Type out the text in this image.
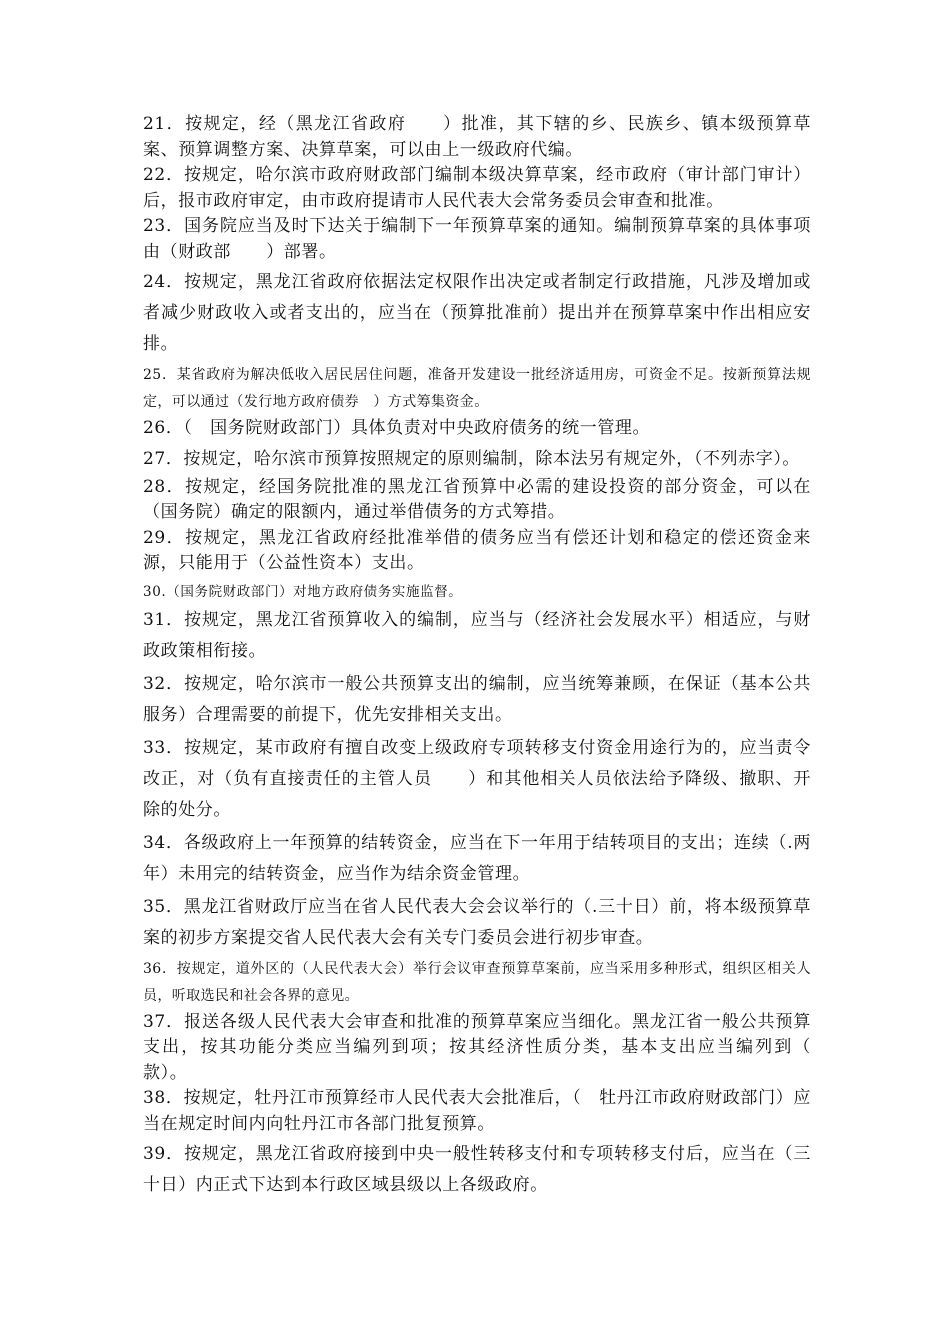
21．按规定，经（黑龙江省政府　　）批准，其下辖的乡、民族乡、镇本级预算草案、预算调整方案、决算草案，可以由上一级政府代编。

22．按规定，哈尔滨市政府财政部门编制本级决算草案，经市政府（审计部门审计）后，报市政府审定，由市政府提请市人民代表大会常务委员会审查和批准。

23．国务院应当及时下达关于编制下一年预算草案的通知。编制预算草案的具体事项由（财政部　　）部署。

24．按规定，黑龙江省政府依据法定权限作出决定或者制定行政措施，凡涉及增加或者减少财政收入或者支出的，应当在（预算批准前）提出并在预算草案中作出相应安排。

25．某省政府为解决低收入居民居住问题，准备开发建设一批经济适用房，可资金不足。按新预算法规定，可以通过（发行地方政府债券　）方式筹集资金。

26．（　国务院财政部门）具体负责对中央政府债务的统一管理。

27．按规定，哈尔滨市预算按照规定的原则编制，除本法另有规定外，（不列赤字）。

28．按规定，经国务院批准的黑龙江省预算中必需的建设投资的部分资金，可以在（国务院）确定的限额内，通过举借债务的方式筹措。

29．按规定，黑龙江省政府经批准举借的债务应当有偿还计划和稳定的偿还资金来源，只能用于（公益性资本）支出。

30.（国务院财政部门）对地方政府债务实施监督。

31．按规定，黑龙江省预算收入的编制，应当与（经济社会发展水平）相适应，与财政政策相衔接。

32．按规定，哈尔滨市一般公共预算支出的编制，应当统筹兼顾，在保证（基本公共服务）合理需要的前提下，优先安排相关支出。

33．按规定，某市政府有擅自改变上级政府专项转移支付资金用途行为的，应当责令改正，对（负有直接责任的主管人员　　）和其他相关人员依法给予降级、撤职、开除的处分。

34．各级政府上一年预算的结转资金，应当在下一年用于结转项目的支出；连续（.两年）未用完的结转资金，应当作为结余资金管理。

35．黑龙江省财政厅应当在省人民代表大会会议举行的（.三十日）前，将本级预算草案的初步方案提交省人民代表大会有关专门委员会进行初步审查。

36．按规定，道外区的（人民代表大会）举行会议审查预算草案前，应当采用多种形式，组织区相关人员，听取选民和社会各界的意见。

37．报送各级人民代表大会审查和批准的预算草案应当细化。黑龙江省一般公共预算支出，按其功能分类应当编列到项；按其经济性质分类，基本支出应当编列到（　款）。

38．按规定，牡丹江市预算经市人民代表大会批准后，（　牡丹江市政府财政部门）应当在规定时间内向牡丹江市各部门批复预算。

39．按规定，黑龙江省政府接到中央一般性转移支付和专项转移支付后，应当在（三十日）内正式下达到本行政区域县级以上各级政府。
